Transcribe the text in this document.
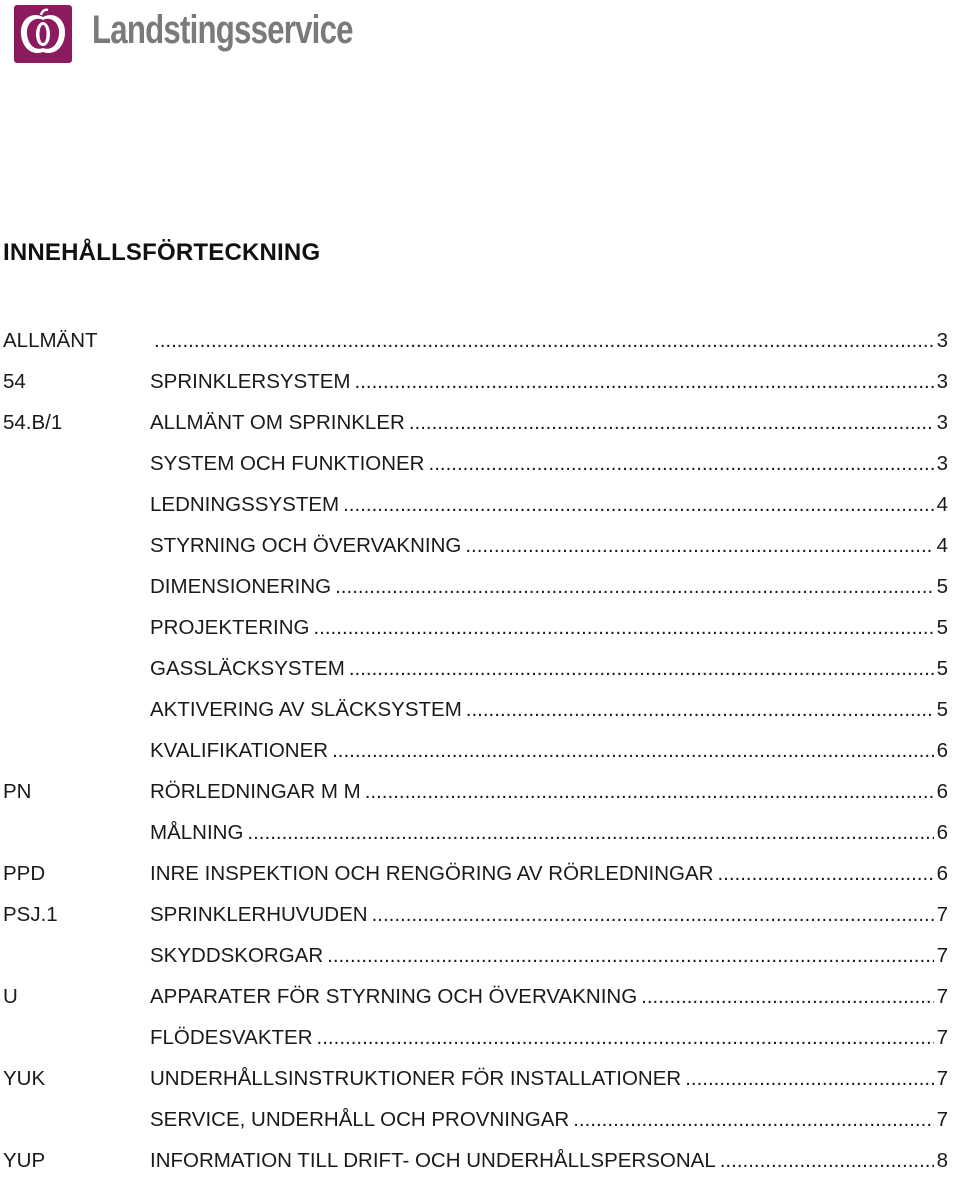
Landstingsservice
INNEHÅLLSFÖRTECKNING
ALLMÄNT .....	3
54	SPRINKLERSYSTEM .....	3
54.B/1	ALLMÄNT OM SPRINKLER .....	3
SYSTEM OCH FUNKTIONER .....	3
LEDNINGSSYSTEM .....	4
STYRNING OCH ÖVERVAKNING .....	4
DIMENSIONERING .....	5
PROJEKTERING .....	5
GASSLÄCKSYSTEM .....	5
AKTIVERING AV SLÄCKSYSTEM .....	5
KVALIFIKATIONER .....	6
PN	RÖRLEDNINGAR M M .....	6
MÅLNING .....	6
PPD	INRE INSPEKTION OCH RENGÖRING AV RÖRLEDNINGAR .....	6
PSJ.1	SPRINKLERHUVUDEN .....	7
SKYDDSKORGAR .....	7
U	APPARATER FÖR STYRNING OCH ÖVERVAKNING .....	7
FLÖDESVAKTER .....	7
YUK	UNDERHÅLLSINSTRUKTIONER FÖR INSTALLATIONER .....	7
SERVICE, UNDERHÅLL OCH PROVNINGAR .....	7
YUP	INFORMATION TILL DRIFT- OCH UNDERHÅLLSPERSONAL .....	8
